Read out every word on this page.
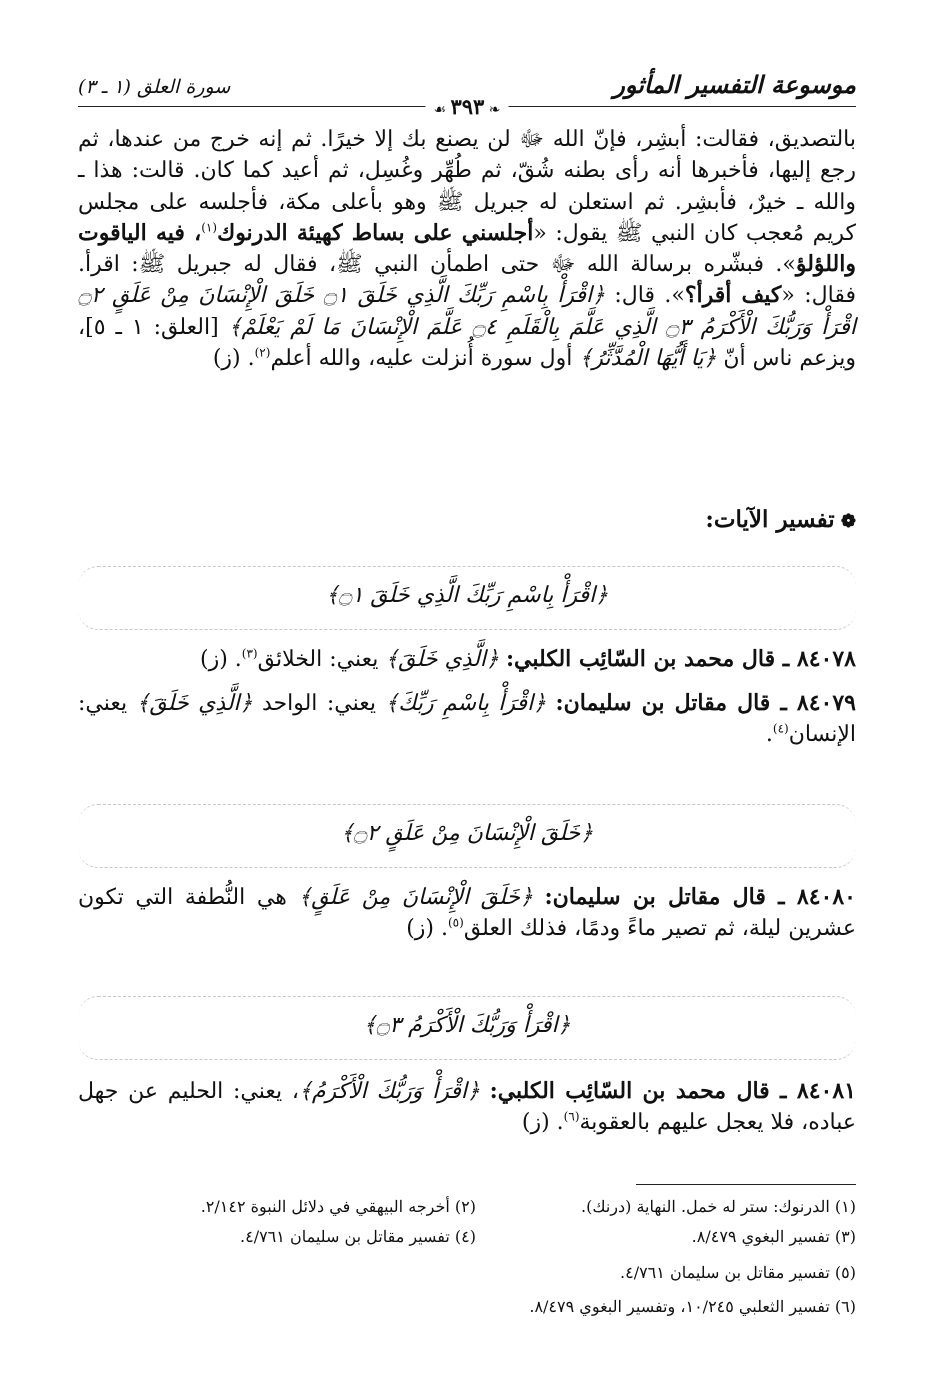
موسوعة التفسير المأثور
سورة العلق (١ ـ ٣)
❧ ٣٩٣ ☙

بالتصديق، فقالت: أبشِر، فإنّ الله ﷻ لن يصنع بك إلا خيرًا. ثم إنه خرج من عندها، ثم رجع إليها، فأخبرها أنه رأى بطنه شُقّ، ثم طُهِّر وغُسِل، ثم أعيد كما كان. قالت: هذا ـ والله ـ خيرٌ، فأبشِر. ثم استعلن له جبريل ﷺ وهو بأعلى مكة، فأجلسه على مجلس كريم مُعجب كان النبي ﷺ يقول: «أجلسني على بساط كهيئة الدرنوك$^{(١)}$، فيه الياقوت واللؤلؤ». فبشّره برسالة الله ﷻ حتى اطمأن النبي ﷺ، فقال له جبريل ﷺ: اقرأ. فقال: «كيف أقرأ؟». قال: ﴿اقْرَأْ بِاسْمِ رَبِّكَ الَّذِي خَلَقَ ۝١ خَلَقَ الْإِنْسَانَ مِنْ عَلَقٍ ۝٢ اقْرَأْ وَرَبُّكَ الْأَكْرَمُ ۝٣ الَّذِي عَلَّمَ بِالْقَلَمِ ۝٤ عَلَّمَ الْإِنْسَانَ مَا لَمْ يَعْلَمْ﴾ [العلق: ١ ـ ٥]، ويزعم ناس أنّ ﴿يَا أَيُّهَا الْمُدَّثِّرُ﴾ أول سورة أُنزلت عليه، والله أعلم$^{(٢)}$. (ز)

❁ تفسير الآيات:
﴿اقْرَأْ بِاسْمِ رَبِّكَ الَّذِي خَلَقَ ۝١﴾

٨٤٠٧٨ ـ قال محمد بن السّائِب الكلبي: ﴿الَّذِي خَلَقَ﴾ يعني: الخلائق$^{(٣)}$. (ز)

٨٤٠٧٩ ـ قال مقاتل بن سليمان: ﴿اقْرَأْ بِاسْمِ رَبِّكَ﴾ يعني: الواحد ﴿الَّذِي خَلَقَ﴾ يعني: الإنسان$^{(٤)}$.

﴿خَلَقَ الْإِنْسَانَ مِنْ عَلَقٍ ۝٢﴾

٨٤٠٨٠ ـ قال مقاتل بن سليمان: ﴿خَلَقَ الْإِنْسَانَ مِنْ عَلَقٍ﴾ هي النُّطفة التي تكون عشرين ليلة، ثم تصير ماءً ودمًا، فذلك العلق$^{(٥)}$. (ز)

﴿اقْرَأْ وَرَبُّكَ الْأَكْرَمُ ۝٣﴾

٨٤٠٨١ ـ قال محمد بن السّائِب الكلبي: ﴿اقْرَأْ وَرَبُّكَ الْأَكْرَمُ﴾، يعني: الحليم عن جهل عباده، فلا يعجل عليهم بالعقوبة$^{(٦)}$. (ز)

(١) الدرنوك: ستر له خمل. النهاية (درنك).
(٢) أخرجه البيهقي في دلائل النبوة ٢/١٤٢.
(٣) تفسير البغوي ٨/٤٧٩.
(٤) تفسير مقاتل بن سليمان ٤/٧٦١.
(٥) تفسير مقاتل بن سليمان ٤/٧٦١.
(٦) تفسير الثعلبي ١٠/٢٤٥، وتفسير البغوي ٨/٤٧٩.
